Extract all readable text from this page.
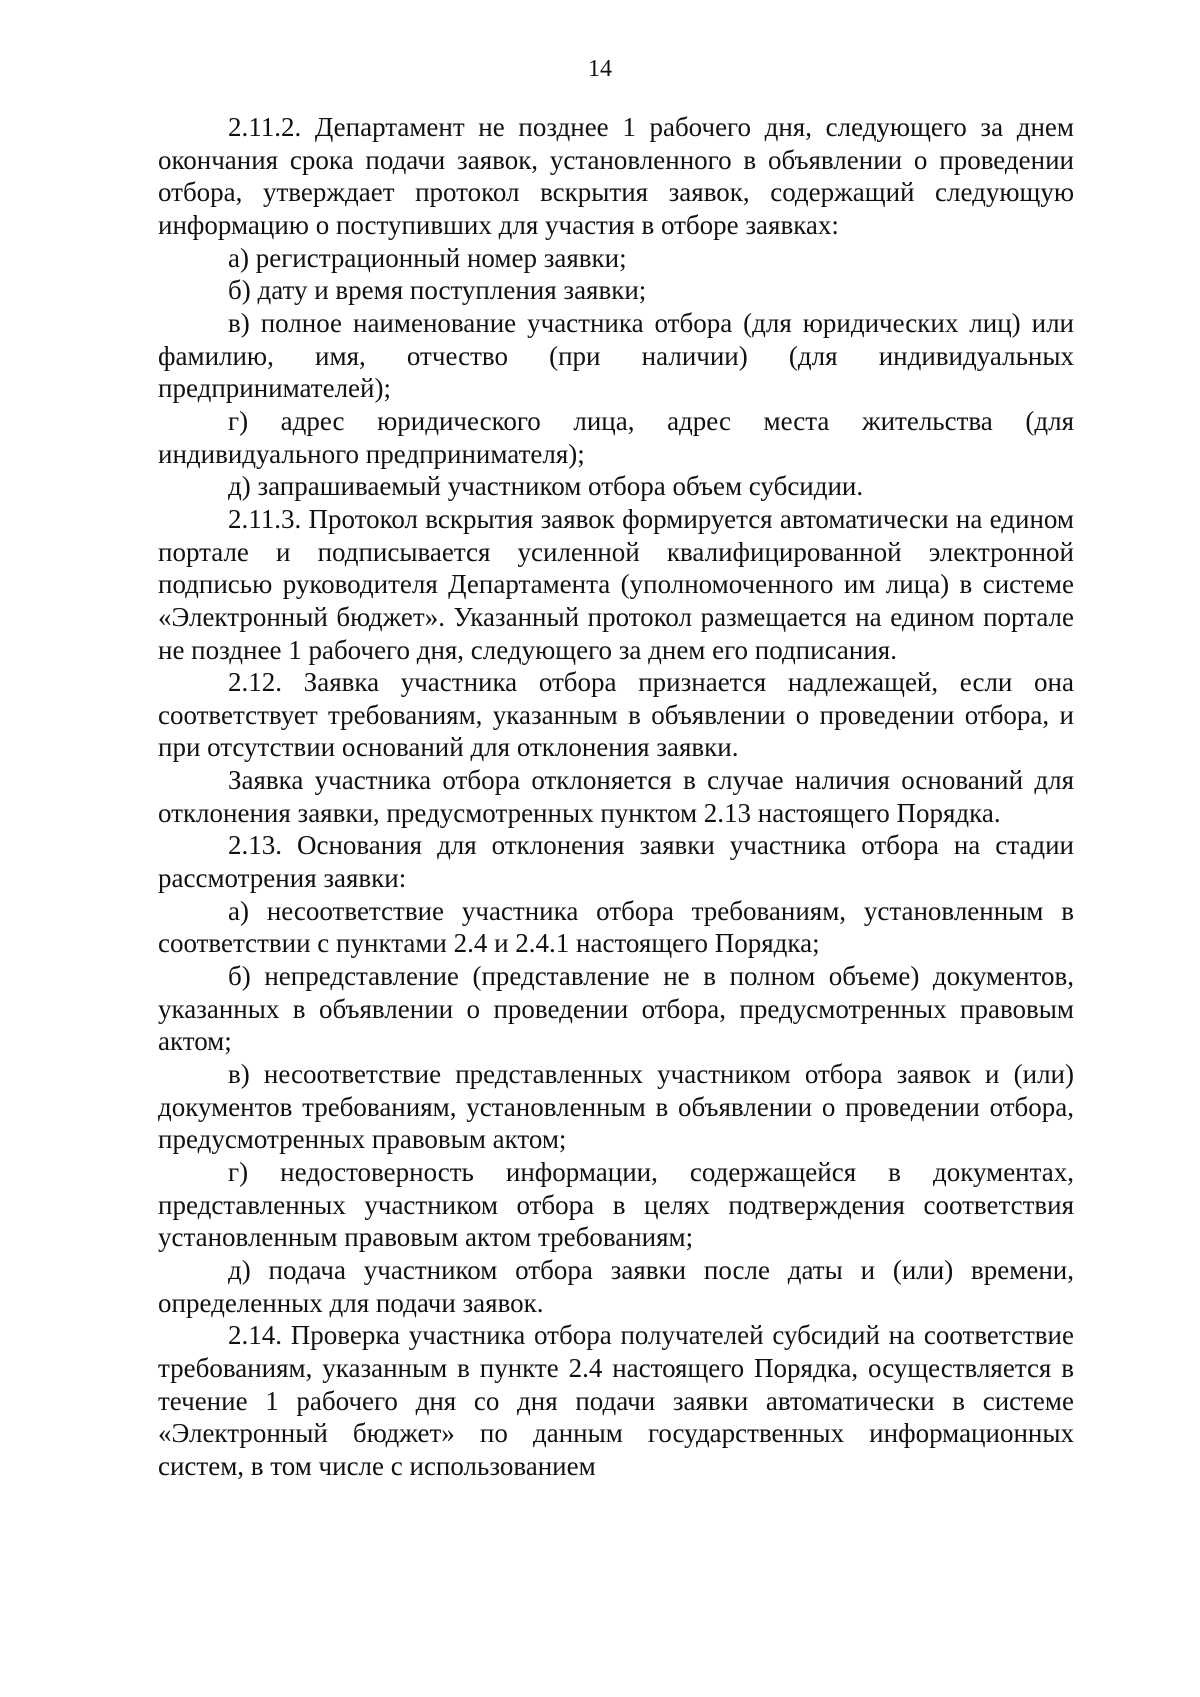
14

2.11.2. Департамент не позднее 1 рабочего дня, следующего за днем окончания срока подачи заявок, установленного в объявлении о проведении отбора, утверждает протокол вскрытия заявок, содержащий следующую информацию о поступивших для участия в отборе заявках:

а) регистрационный номер заявки;

б) дату и время поступления заявки;

в) полное наименование участника отбора (для юридических лиц) или фамилию, имя, отчество (при наличии) (для индивидуальных предпринимателей);

г) адрес юридического лица, адрес места жительства (для индивидуального предпринимателя);

д) запрашиваемый участником отбора объем субсидии.

2.11.3. Протокол вскрытия заявок формируется автоматически на едином портале и подписывается усиленной квалифицированной электронной подписью руководителя Департамента (уполномоченного им лица) в системе «Электронный бюджет». Указанный протокол размещается на едином портале не позднее 1 рабочего дня, следующего за днем его подписания.

2.12. Заявка участника отбора признается надлежащей, если она соответствует требованиям, указанным в объявлении о проведении отбора, и при отсутствии оснований для отклонения заявки.

Заявка участника отбора отклоняется в случае наличия оснований для отклонения заявки, предусмотренных пунктом 2.13 настоящего Порядка.

2.13. Основания для отклонения заявки участника отбора на стадии рассмотрения заявки:

а) несоответствие участника отбора требованиям, установленным в соответствии с пунктами 2.4 и 2.4.1 настоящего Порядка;

б) непредставление (представление не в полном объеме) документов, указанных в объявлении о проведении отбора, предусмотренных правовым актом;

в) несоответствие представленных участником отбора заявок и (или) документов требованиям, установленным в объявлении о проведении отбора, предусмотренных правовым актом;

г) недостоверность информации, содержащейся в документах, представленных участником отбора в целях подтверждения соответствия установленным правовым актом требованиям;

д) подача участником отбора заявки после даты и (или) времени, определенных для подачи заявок.

2.14. Проверка участника отбора получателей субсидий на соответствие требованиям, указанным в пункте 2.4 настоящего Порядка, осуществляется в течение 1 рабочего дня со дня подачи заявки автоматически в системе «Электронный бюджет» по данным государственных информационных систем, в том числе с использованием
